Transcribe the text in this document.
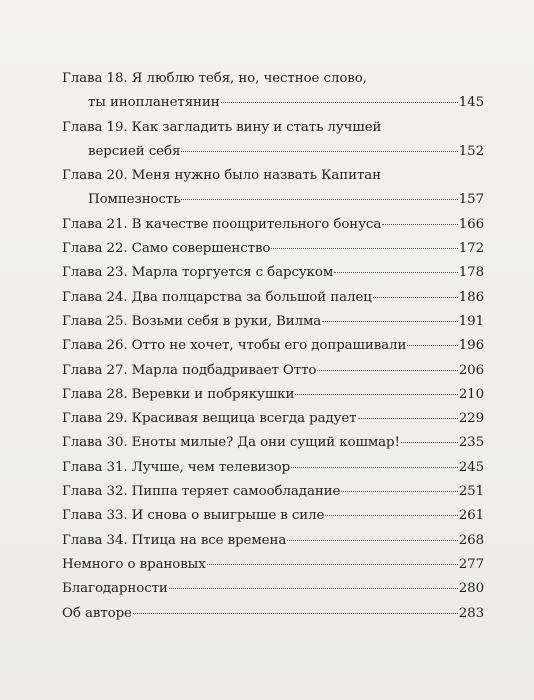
Глава 18. Я люблю тебя, но, честное слово,
ты инопланетянин	145
Глава 19. Как загладить вину и стать лучшей
версией себя	152
Глава 20. Меня нужно было назвать Капитан
Помпезность	157
Глава 21. В качестве поощрительного бонуса	166
Глава 22. Само совершенство	172
Глава 23. Марла торгуется с барсуком	178
Глава 24. Два полцарства за большой палец	186
Глава 25. Возьми себя в руки, Вилма	191
Глава 26. Отто не хочет, чтобы его допрашивали	196
Глава 27. Марла подбадривает Отто	206
Глава 28. Веревки и побрякушки	210
Глава 29. Красивая вещица всегда радует	229
Глава 30. Еноты милые? Да они сущий кошмар!	235
Глава 31. Лучше, чем телевизор	245
Глава 32. Пиппа теряет самообладание	251
Глава 33. И снова о выигрыше в силе	261
Глава 34. Птица на все времена	268
Немного о врановых	277
Благодарности	280
Об авторе	283
